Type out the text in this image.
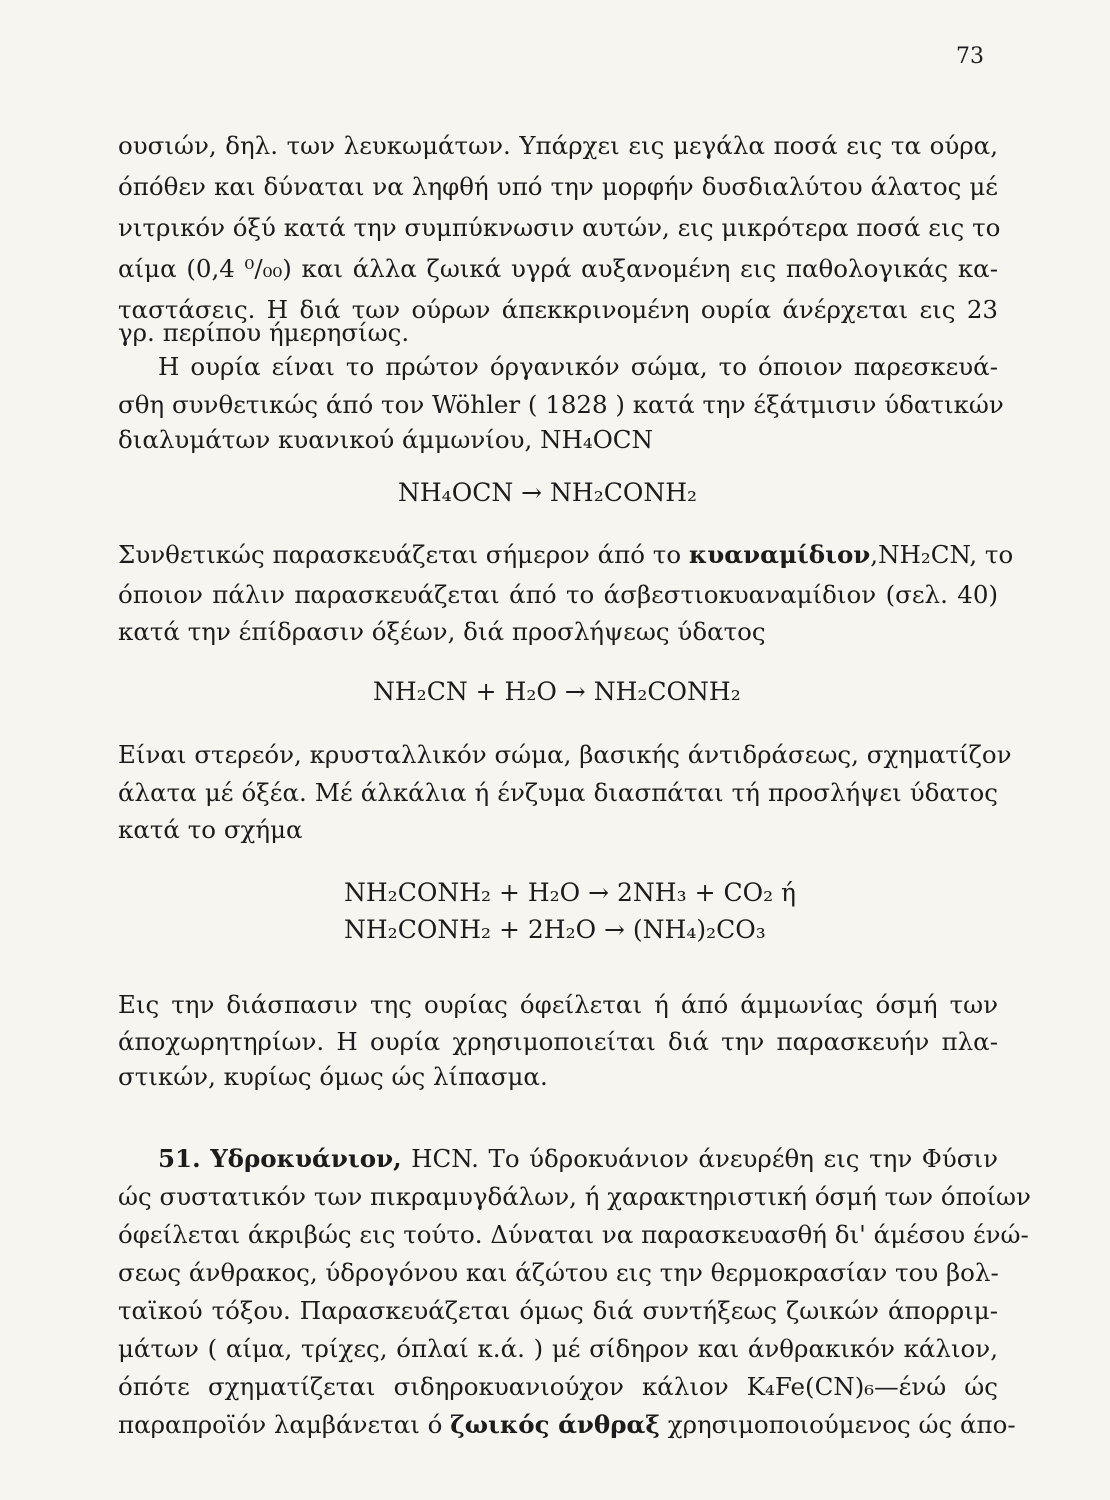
73
ουσιών, δηλ. των λευκωμάτων. Υπάρχει εις μεγάλα ποσά εις τα ούρα,
όπόθεν και δύναται να ληφθή υπό την μορφήν δυσδιαλύτου άλατος μέ
νιτρικόν όξύ κατά την συμπύκνωσιν αυτών, εις μικρότερα ποσά εις το
αίμα (0,4 ⁰/₀₀) και άλλα ζωικά υγρά αυξανομένη εις παθολογικάς κα-
ταστάσεις. Η διά των ούρων άπεκκρινομένη ουρία άνέρχεται εις 23
γρ. περίπου ήμερησίως.
Η ουρία είναι το πρώτον όργανικόν σώμα, το όποιον παρεσκευά-
σθη συνθετικώς άπό τον Wöhler ( 1828 ) κατά την έξάτμισιν ύδατικών
διαλυμάτων κυανικού άμμωνίου, NH₄OCN
NH₄OCN → NH₂CONH₂
Συνθετικώς παρασκευάζεται σήμερον άπό το κυαναμίδιον,NH₂CN, το
όποιον πάλιν παρασκευάζεται άπό το άσβεστιοκυαναμίδιον (σελ. 40)
κατά την έπίδρασιν όξέων, διά προσλήψεως ύδατος
NH₂CN + H₂O → NH₂CONH₂
Είναι στερεόν, κρυσταλλικόν σώμα, βασικής άντιδράσεως, σχηματίζον
άλατα μέ όξέα. Μέ άλκάλια ή ένζυμα διασπάται τή προσλήψει ύδατος
κατά το σχήμα
NH₂CONH₂ + H₂O → 2NH₃ + CO₂ ή
NH₂CONH₂ + 2H₂O → (NH₄)₂CO₃
Εις την διάσπασιν της ουρίας όφείλεται ή άπό άμμωνίας όσμή των
άποχωρητηρίων. Η ουρία χρησιμοποιείται διά την παρασκευήν πλα-
στικών, κυρίως όμως ώς λίπασμα.
51. Υδροκυάνιον, HCN. Το ύδροκυάνιον άνευρέθη εις την Φύσιν
ώς συστατικόν των πικραμυγδάλων, ή χαρακτηριστική όσμή των όποίων
όφείλεται άκριβώς εις τούτο. Δύναται να παρασκευασθή δι' άμέσου ένώ-
σεως άνθρακος, ύδρογόνου και άζώτου εις την θερμοκρασίαν του βολ-
ταϊκού τόξου. Παρασκευάζεται όμως διά συντήξεως ζωικών άπορριμ-
μάτων ( αίμα, τρίχες, όπλαί κ.ά. ) μέ σίδηρον και άνθρακικόν κάλιον,
όπότε σχηματίζεται σιδηροκυανιούχον κάλιον K₄Fe(CN)₆—ένώ ώς
παραπροϊόν λαμβάνεται ό ζωικός άνθραξ χρησιμοποιούμενος ώς άπο-
